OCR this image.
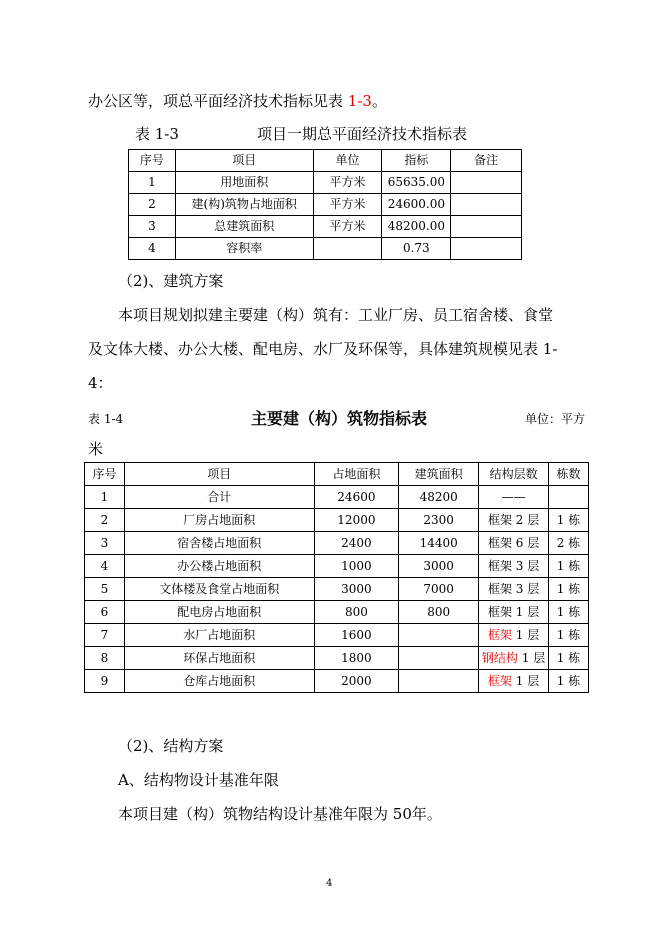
办公区等，项总平面经济技术指标见表 1-3。
表 1-3	项目一期总平面经济技术指标表
序号	项目	单位	指标	备注
1	用地面积	平方米	65635.00	
2	建(构)筑物占地面积	平方米	24600.00	
3	总建筑面积	平方米	48200.00	
4	容积率		0.73	
（2)、建筑方案
本项目规划拟建主要建（构）筑有：工业厂房、员工宿舍楼、食堂
及文体大楼、办公大楼、配电房、水厂及环保等，具体建筑规模见表 1-
4：
表 1-4	主要建（构）筑物指标表	单位：平方
米
序号	项目	占地面积	建筑面积	结构层数	栋数
1	合计	24600	48200	——	
2	厂房占地面积	12000	2300	框架 2 层	1 栋
3	宿舍楼占地面积	2400	14400	框架 6 层	2 栋
4	办公楼占地面积	1000	3000	框架 3 层	1 栋
5	文体楼及食堂占地面积	3000	7000	框架 3 层	1 栋
6	配电房占地面积	800	800	框架 1 层	1 栋
7	水厂占地面积	1600		框架 1 层	1 栋
8	环保占地面积	1800		钢结构 1 层	1 栋
9	仓库占地面积	2000		框架 1 层	1 栋
（2)、结构方案
A、结构物设计基准年限
本项目建（构）筑物结构设计基准年限为 50年。
4
